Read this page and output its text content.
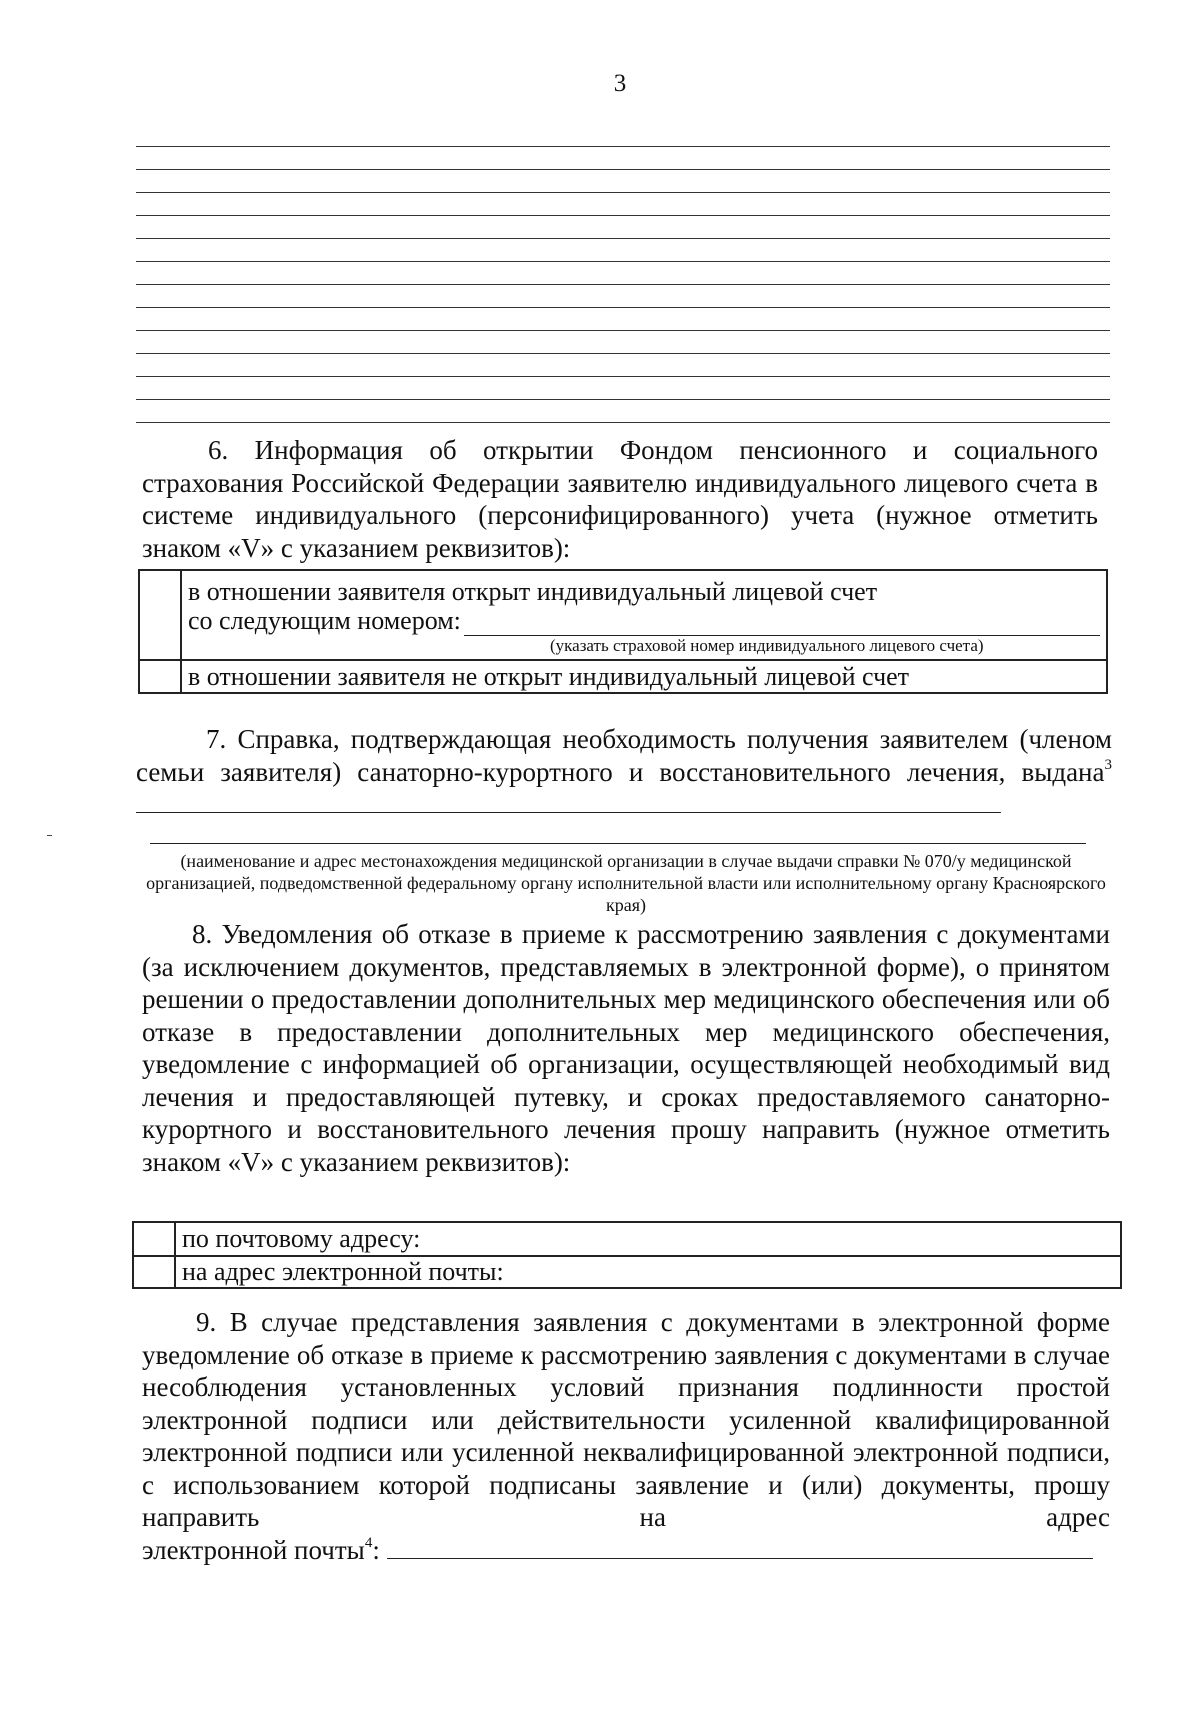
3

6. Информация об открытии Фондом пенсионного и социального страхования Российской Федерации заявителю индивидуального лицевого счета в системе индивидуального (персонифицированного) учета (нужное отметить знаком «V» с указанием реквизитов):

в отношении заявителя открыт индивидуальный лицевой счет
со следующим номером:
(указать страховой номер индивидуального лицевого счета)
в отношении заявителя не открыт индивидуальный лицевой счет

7. Справка, подтверждающая необходимость получения заявителем (членом семьи заявителя) санаторно-курортного и восстановительного лечения, выдана$^3$

(наименование и адрес местонахождения медицинской организации в случае выдачи справки № 070/у медицинской организацией, подведомственной федеральному органу исполнительной власти или исполнительному органу Красноярского края)

8. Уведомления об отказе в приеме к рассмотрению заявления с документами (за исключением документов, представляемых в электронной форме), о принятом решении о предоставлении дополнительных мер медицинского обеспечения или об отказе в предоставлении дополнительных мер медицинского обеспечения, уведомление с информацией об организации, осуществляющей необходимый вид лечения и предоставляющей путевку, и сроках предоставляемого санаторно-курортного и восстановительного лечения прошу направить (нужное отметить знаком «V» с указанием реквизитов):

по почтовому адресу:
на адрес электронной почты:

9. В случае представления заявления с документами в электронной форме уведомление об отказе в приеме к рассмотрению заявления с документами в случае несоблюдения установленных условий признания подлинности простой электронной подписи или действительности усиленной квалифицированной электронной подписи или усиленной неквалифицированной электронной подписи, с использованием которой подписаны заявление и (или) документы, прошу направить на адрес

электронной почты$^4$:
